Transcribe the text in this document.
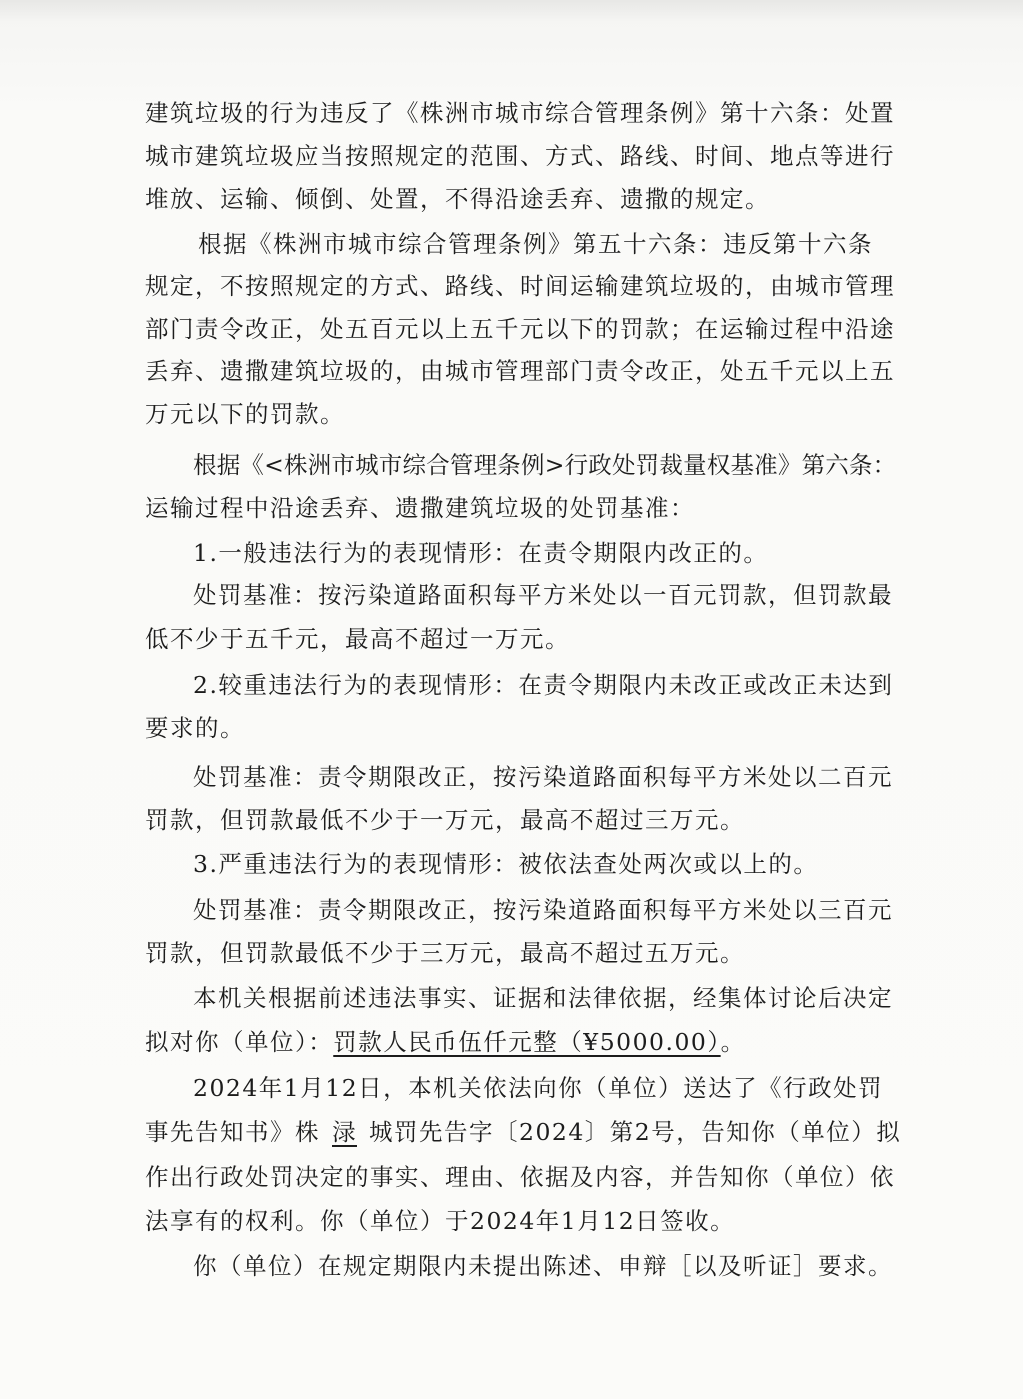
建筑垃圾的行为违反了《株洲市城市综合管理条例》第十六条：处置
城市建筑垃圾应当按照规定的范围、方式、路线、时间、地点等进行
堆放、运输、倾倒、处置，不得沿途丢弃、遗撒的规定。
根据《株洲市城市综合管理条例》第五十六条：违反第十六条
规定，不按照规定的方式、路线、时间运输建筑垃圾的，由城市管理
部门责令改正，处五百元以上五千元以下的罚款；在运输过程中沿途
丢弃、遗撒建筑垃圾的，由城市管理部门责令改正，处五千元以上五
万元以下的罚款。
根据《<株洲市城市综合管理条例>行政处罚裁量权基准》第六条：
运输过程中沿途丢弃、遗撒建筑垃圾的处罚基准：
1.一般违法行为的表现情形：在责令期限内改正的。
处罚基准：按污染道路面积每平方米处以一百元罚款，但罚款最
低不少于五千元，最高不超过一万元。
2.较重违法行为的表现情形：在责令期限内未改正或改正未达到
要求的。
处罚基准：责令期限改正，按污染道路面积每平方米处以二百元
罚款，但罚款最低不少于一万元，最高不超过三万元。
3.严重违法行为的表现情形：被依法查处两次或以上的。
处罚基准：责令期限改正，按污染道路面积每平方米处以三百元
罚款，但罚款最低不少于三万元，最高不超过五万元。
本机关根据前述违法事实、证据和法律依据，经集体讨论后决定
拟对你（单位）：罚款人民币伍仟元整（¥5000.00）。
2024年1月12日，本机关依法向你（单位）送达了《行政处罚
事先告知书》株 渌 城罚先告字〔2024〕第2号，告知你（单位）拟
作出行政处罚决定的事实、理由、依据及内容，并告知你（单位）依
法享有的权利。你（单位）于2024年1月12日签收。
你（单位）在规定期限内未提出陈述、申辩［以及听证］要求。
